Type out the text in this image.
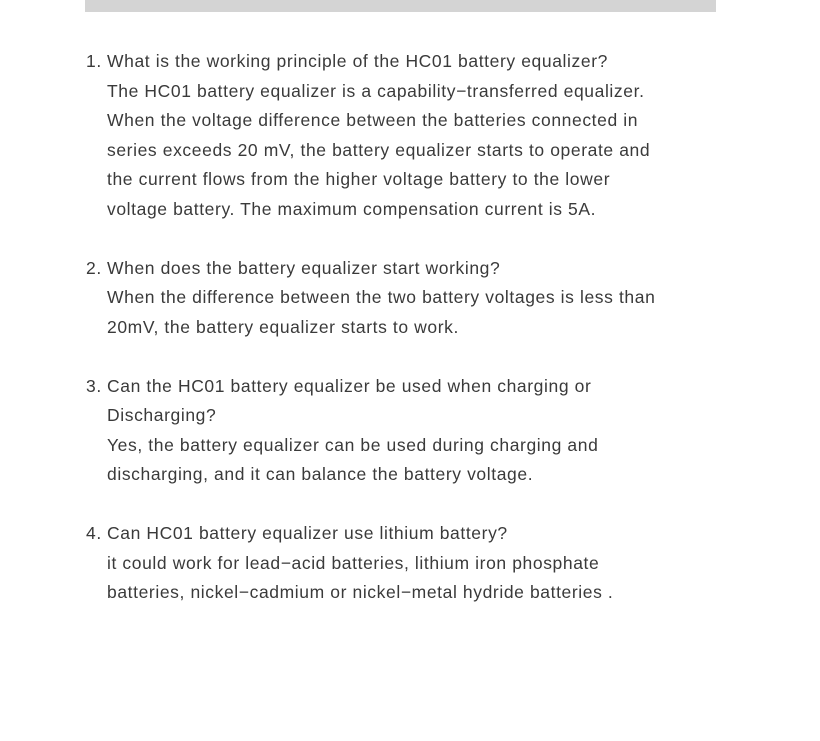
1. What is the working principle of the HC01 battery equalizer?
The HC01 battery equalizer is a capability−transferred equalizer.
When the voltage difference between the batteries connected in
series exceeds 20 mV, the battery equalizer starts to operate and
the current flows from the higher voltage battery to the lower
voltage battery. The maximum compensation current is 5A.
2. When does the battery equalizer start working?
When the difference between the two battery voltages is less than
20mV, the battery equalizer starts to work.
3. Can the HC01 battery equalizer be used when charging or
Discharging?
Yes, the battery equalizer can be used during charging and
discharging, and it can balance the battery voltage.
4. Can HC01 battery equalizer use lithium battery?
it could work for lead−acid batteries, lithium iron phosphate
batteries, nickel−cadmium or nickel−metal hydride batteries .
